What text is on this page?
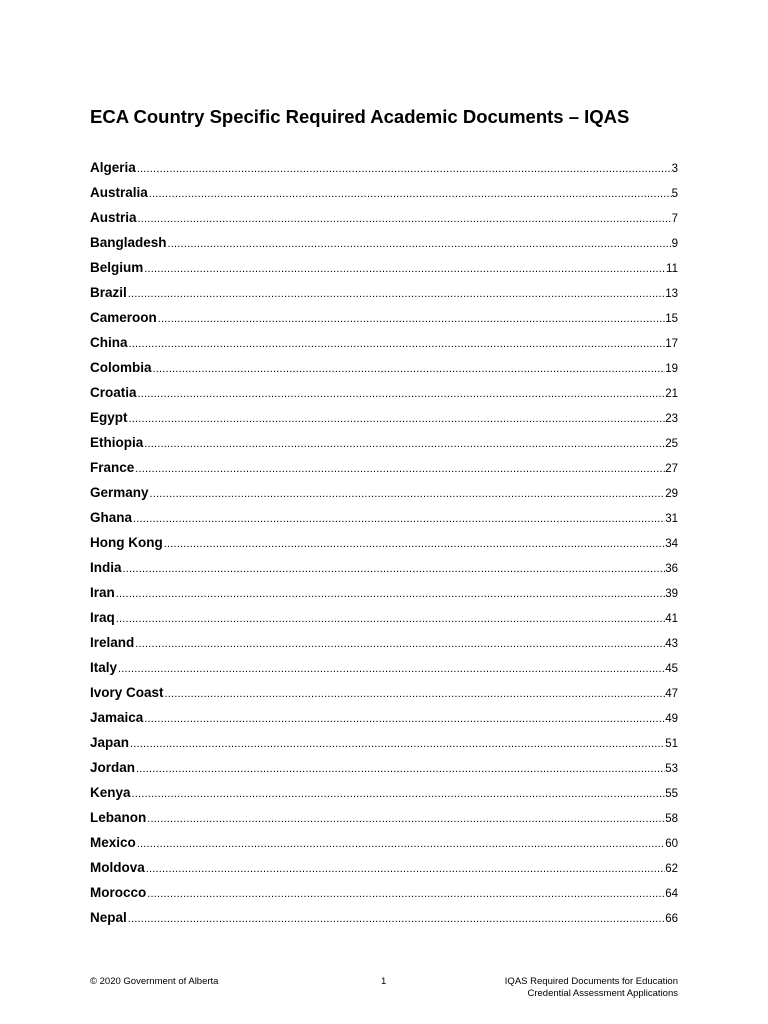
ECA Country Specific Required Academic Documents – IQAS
Algeria .....	3
Australia .....	5
Austria .....	7
Bangladesh .....	9
Belgium .....	11
Brazil .....	13
Cameroon .....	15
China .....	17
Colombia .....	19
Croatia .....	21
Egypt .....	23
Ethiopia .....	25
France .....	27
Germany .....	29
Ghana .....	31
Hong Kong .....	34
India .....	36
Iran .....	39
Iraq .....	41
Ireland .....	43
Italy .....	45
Ivory Coast .....	47
Jamaica .....	49
Japan .....	51
Jordan .....	53
Kenya .....	55
Lebanon .....	58
Mexico .....	60
Moldova .....	62
Morocco .....	64
Nepal .....	66
© 2020 Government of Alberta	1	IQAS Required Documents for Education
Credential Assessment Applications
